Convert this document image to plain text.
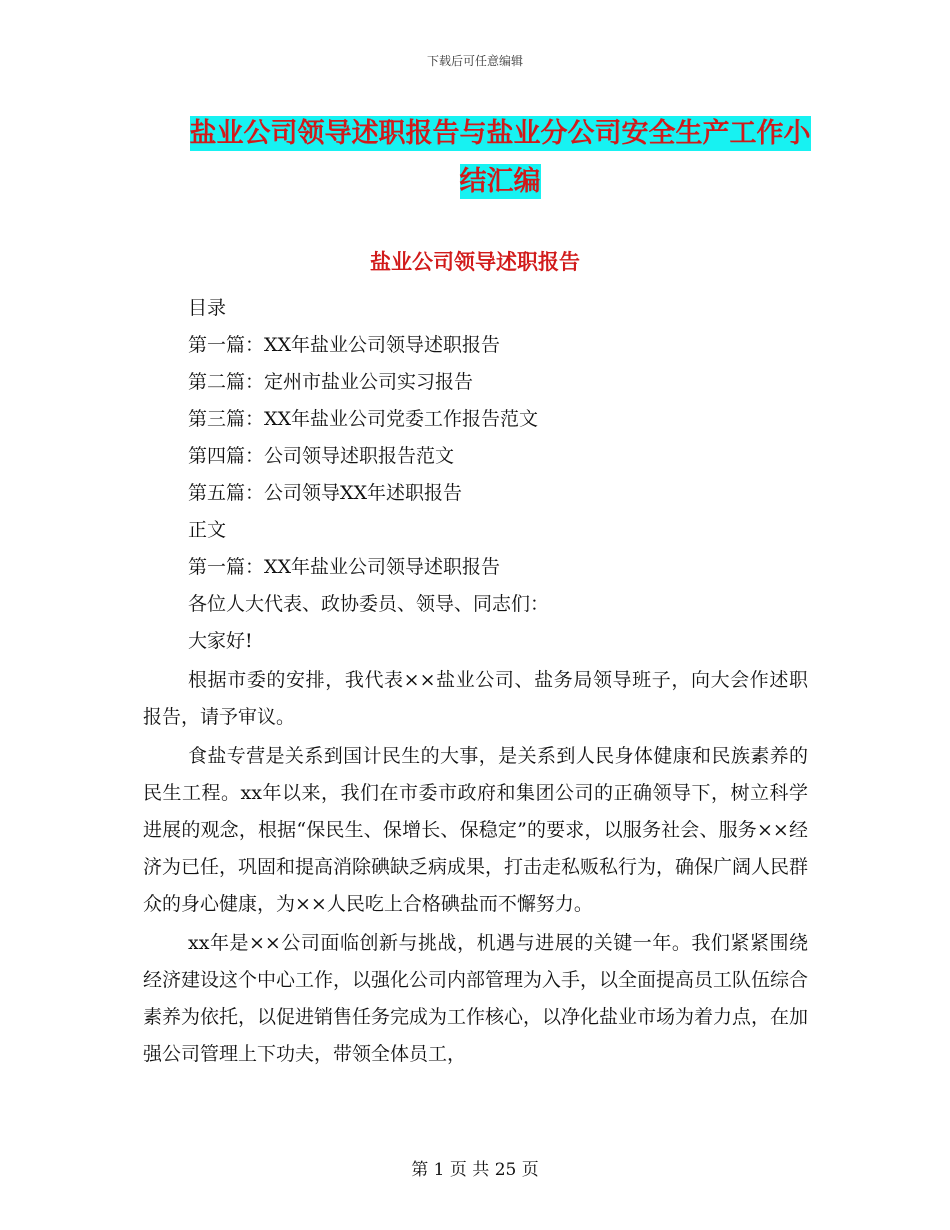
下载后可任意编辑
盐业公司领导述职报告与盐业分公司安全生产工作小
结汇编
盐业公司领导述职报告
目录
第一篇：XX年盐业公司领导述职报告
第二篇：定州市盐业公司实习报告
第三篇：XX年盐业公司党委工作报告范文
第四篇：公司领导述职报告范文
第五篇：公司领导XX年述职报告
正文
第一篇：XX年盐业公司领导述职报告
各位人大代表、政协委员、领导、同志们：
大家好!
根据市委的安排，我代表××盐业公司、盐务局领导班子，向大会作述职报告，请予审议。
食盐专营是关系到国计民生的大事，是关系到人民身体健康和民族素养的民生工程。xx年以来，我们在市委市政府和集团公司的正确领导下，树立科学进展的观念，根据“保民生、保增长、保稳定”的要求，以服务社会、服务××经济为已任，巩固和提高消除碘缺乏病成果，打击走私贩私行为，确保广阔人民群众的身心健康，为××人民吃上合格碘盐而不懈努力。
xx年是××公司面临创新与挑战，机遇与进展的关键一年。我们紧紧围绕经济建设这个中心工作，以强化公司内部管理为入手，以全面提高员工队伍综合素养为依托，以促进销售任务完成为工作核心，以净化盐业市场为着力点，在加强公司管理上下功夫，带领全体员工，
第 1 页 共 25 页
